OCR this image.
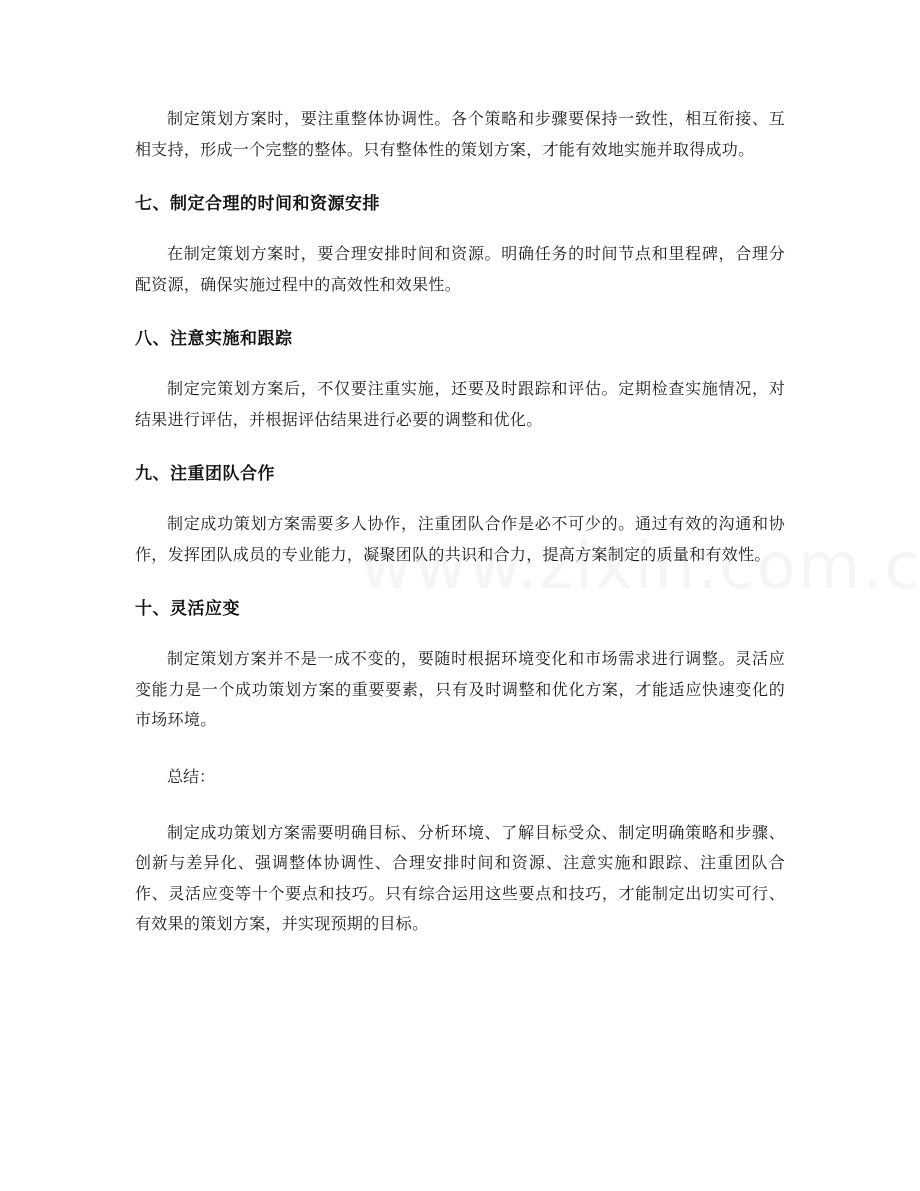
制定策划方案时，要注重整体协调性。各个策略和步骤要保持一致性，相互衔接、互相支持，形成一个完整的整体。只有整体性的策划方案，才能有效地实施并取得成功。

七、制定合理的时间和资源安排

在制定策划方案时，要合理安排时间和资源。明确任务的时间节点和里程碑，合理分配资源，确保实施过程中的高效性和效果性。

八、注意实施和跟踪

制定完策划方案后，不仅要注重实施，还要及时跟踪和评估。定期检查实施情况，对结果进行评估，并根据评估结果进行必要的调整和优化。

九、注重团队合作

制定成功策划方案需要多人协作，注重团队合作是必不可少的。通过有效的沟通和协作，发挥团队成员的专业能力，凝聚团队的共识和合力，提高方案制定的质量和有效性。

十、灵活应变

制定策划方案并不是一成不变的，要随时根据环境变化和市场需求进行调整。灵活应变能力是一个成功策划方案的重要要素，只有及时调整和优化方案，才能适应快速变化的市场环境。

总结：

制定成功策划方案需要明确目标、分析环境、了解目标受众、制定明确策略和步骤、创新与差异化、强调整体协调性、合理安排时间和资源、注意实施和跟踪、注重团队合作、灵活应变等十个要点和技巧。只有综合运用这些要点和技巧，才能制定出切实可行、有效果的策划方案，并实现预期的目标。
